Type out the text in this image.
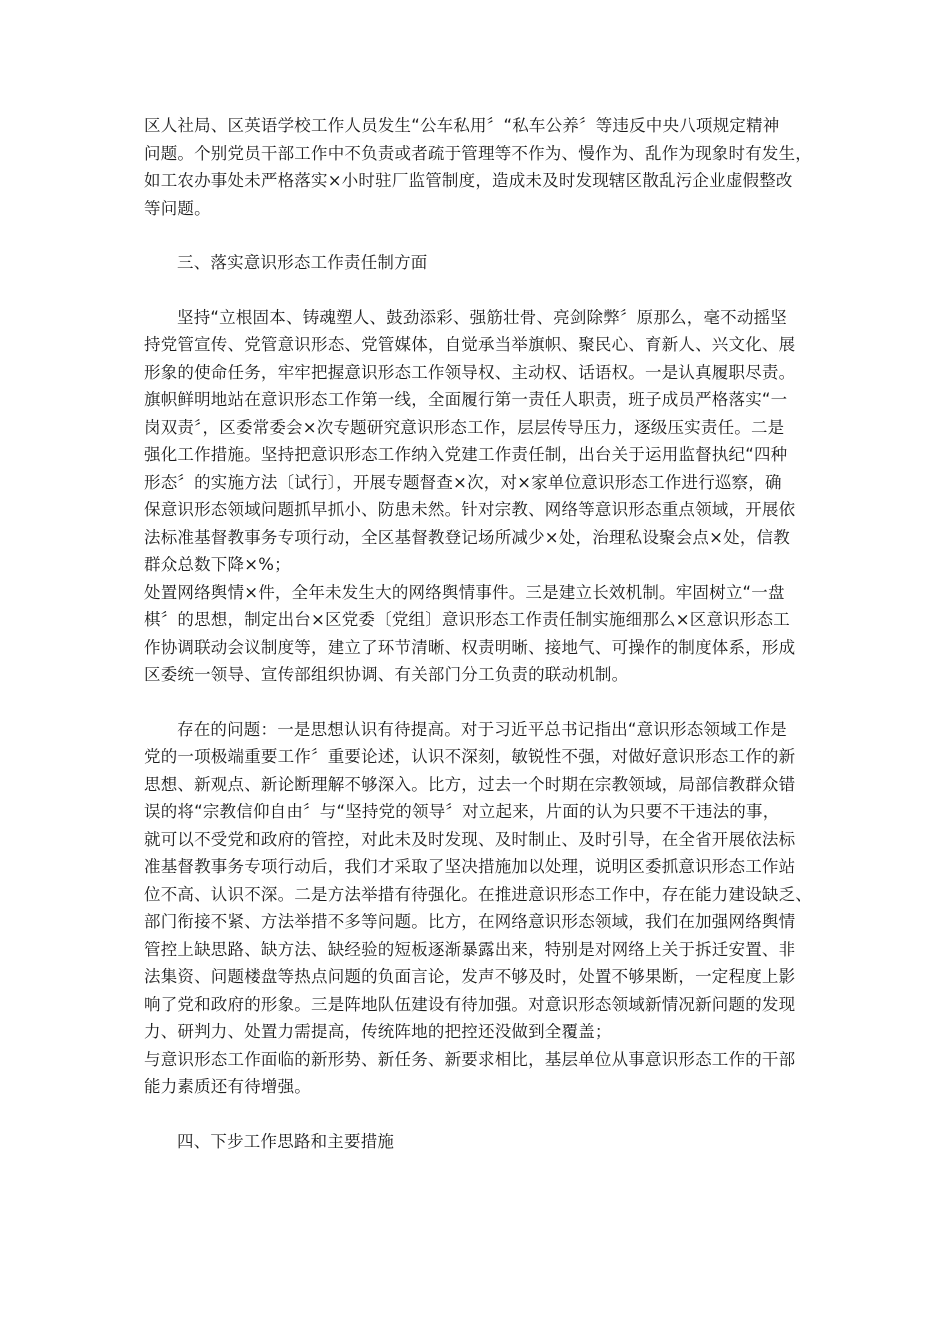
区人社局、区英语学校工作人员发生“公车私用〞“私车公养〞等违反中央八项规定精神
问题。个别党员干部工作中不负责或者疏于管理等不作为、慢作为、乱作为现象时有发生，
如工农办事处未严格落实×小时驻厂监管制度，造成未及时发现辖区散乱污企业虚假整改
等问题。
三、落实意识形态工作责任制方面
坚持“立根固本、铸魂塑人、鼓劲添彩、强筋壮骨、亮剑除弊〞原那么，毫不动摇坚
持党管宣传、党管意识形态、党管媒体，自觉承当举旗帜、聚民心、育新人、兴文化、展
形象的使命任务，牢牢把握意识形态工作领导权、主动权、话语权。一是认真履职尽责。
旗帜鲜明地站在意识形态工作第一线，全面履行第一责任人职责，班子成员严格落实“一
岗双责〞，区委常委会×次专题研究意识形态工作，层层传导压力，逐级压实责任。二是
强化工作措施。坚持把意识形态工作纳入党建工作责任制，出台关于运用监督执纪“四种
形态〞的实施方法〔试行〕，开展专题督查×次，对×家单位意识形态工作进行巡察，确
保意识形态领域问题抓早抓小、防患未然。针对宗教、网络等意识形态重点领域，开展依
法标准基督教事务专项行动，全区基督教登记场所减少×处，治理私设聚会点×处，信教
群众总数下降×%；
处置网络舆情×件，全年未发生大的网络舆情事件。三是建立长效机制。牢固树立“一盘
棋〞的思想，制定出台×区党委〔党组〕意识形态工作责任制实施细那么×区意识形态工
作协调联动会议制度等，建立了环节清晰、权责明晰、接地气、可操作的制度体系，形成
区委统一领导、宣传部组织协调、有关部门分工负责的联动机制。
存在的问题：一是思想认识有待提高。对于习近平总书记指出“意识形态领域工作是
党的一项极端重要工作〞重要论述，认识不深刻，敏锐性不强，对做好意识形态工作的新
思想、新观点、新论断理解不够深入。比方，过去一个时期在宗教领域，局部信教群众错
误的将“宗教信仰自由〞与“坚持党的领导〞对立起来，片面的认为只要不干违法的事，
就可以不受党和政府的管控，对此未及时发现、及时制止、及时引导，在全省开展依法标
准基督教事务专项行动后，我们才采取了坚决措施加以处理，说明区委抓意识形态工作站
位不高、认识不深。二是方法举措有待强化。在推进意识形态工作中，存在能力建设缺乏、
部门衔接不紧、方法举措不多等问题。比方，在网络意识形态领域，我们在加强网络舆情
管控上缺思路、缺方法、缺经验的短板逐渐暴露出来，特别是对网络上关于拆迁安置、非
法集资、问题楼盘等热点问题的负面言论，发声不够及时，处置不够果断，一定程度上影
响了党和政府的形象。三是阵地队伍建设有待加强。对意识形态领域新情况新问题的发现
力、研判力、处置力需提高，传统阵地的把控还没做到全覆盖；
与意识形态工作面临的新形势、新任务、新要求相比，基层单位从事意识形态工作的干部
能力素质还有待增强。
四、下步工作思路和主要措施
